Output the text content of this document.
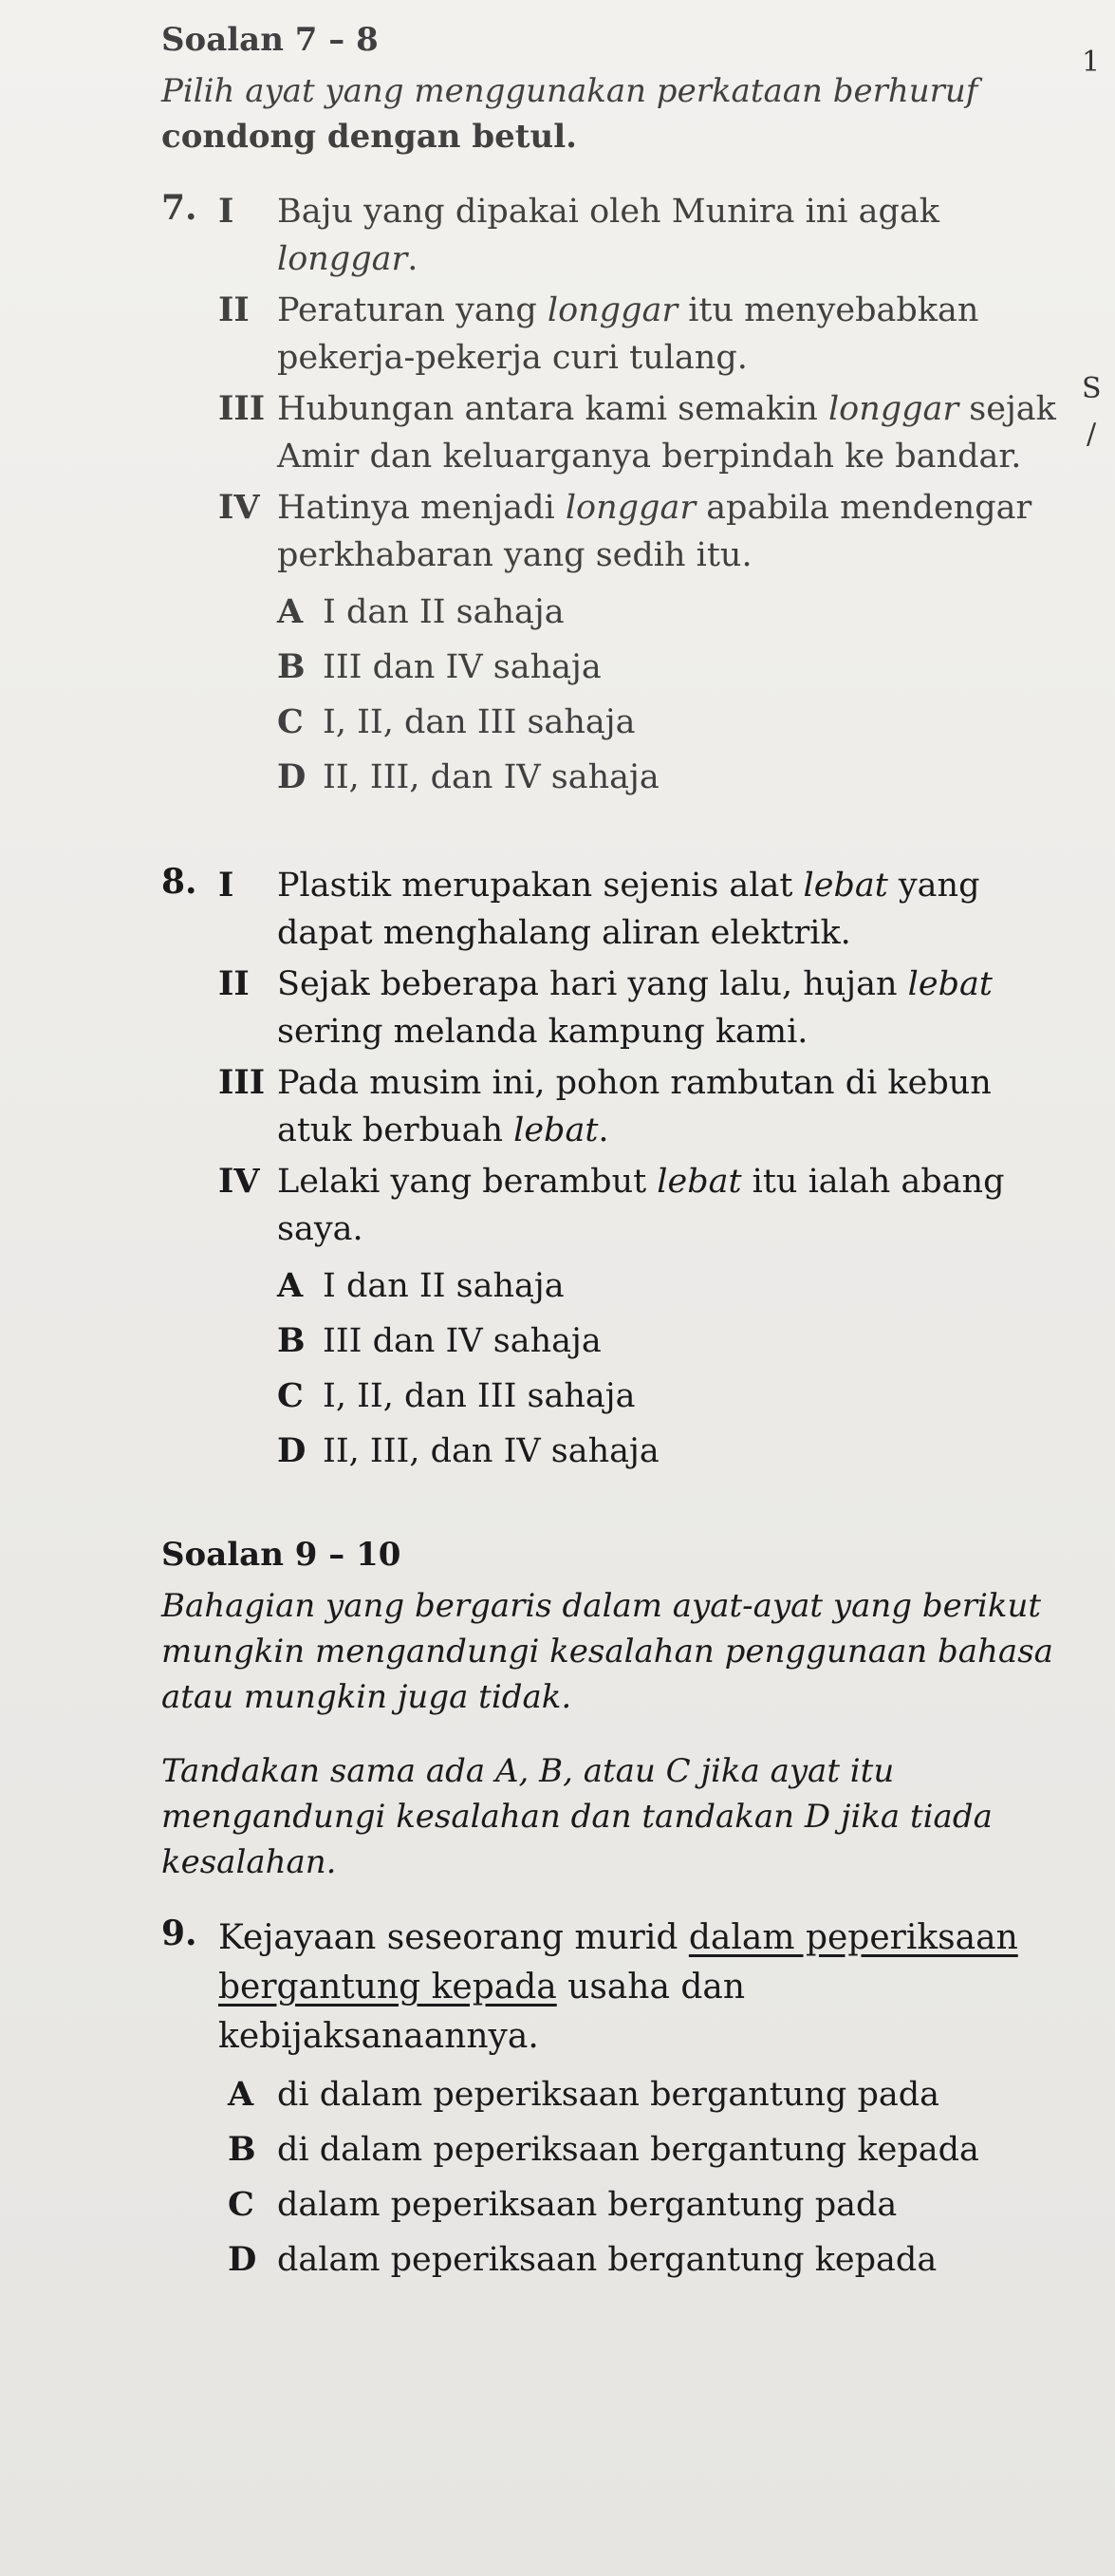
Soalan 7 – 8
Pilih ayat yang menggunakan perkataan berhuruf
condong dengan betul.
7. I Baju yang dipakai oleh Munira ini agak longgar.
II Peraturan yang longgar itu menyebabkan pekerja-pekerja curi tulang.
III Hubungan antara kami semakin longgar sejak Amir dan keluarganya berpindah ke bandar.
IV Hatinya menjadi longgar apabila mendengar perkhabaran yang sedih itu.
A I dan II sahaja
B III dan IV sahaja
C I, II, dan III sahaja
D II, III, dan IV sahaja
8. I Plastik merupakan sejenis alat lebat yang dapat menghalang aliran elektrik.
II Sejak beberapa hari yang lalu, hujan lebat sering melanda kampung kami.
III Pada musim ini, pohon rambutan di kebun atuk berbuah lebat.
IV Lelaki yang berambut lebat itu ialah abang saya.
A I dan II sahaja
B III dan IV sahaja
C I, II, dan III sahaja
D II, III, dan IV sahaja
Soalan 9 – 10
Bahagian yang bergaris dalam ayat-ayat yang berikut mungkin mengandungi kesalahan penggunaan bahasa atau mungkin juga tidak.
Tandakan sama ada A, B, atau C jika ayat itu mengandungi kesalahan dan tandakan D jika tiada kesalahan.
9. Kejayaan seseorang murid dalam peperiksaan bergantung kepada usaha dan kebijaksanaannya.
A di dalam peperiksaan bergantung pada
B di dalam peperiksaan bergantung kepada
C dalam peperiksaan bergantung pada
D dalam peperiksaan bergantung kepada
1
S
/
